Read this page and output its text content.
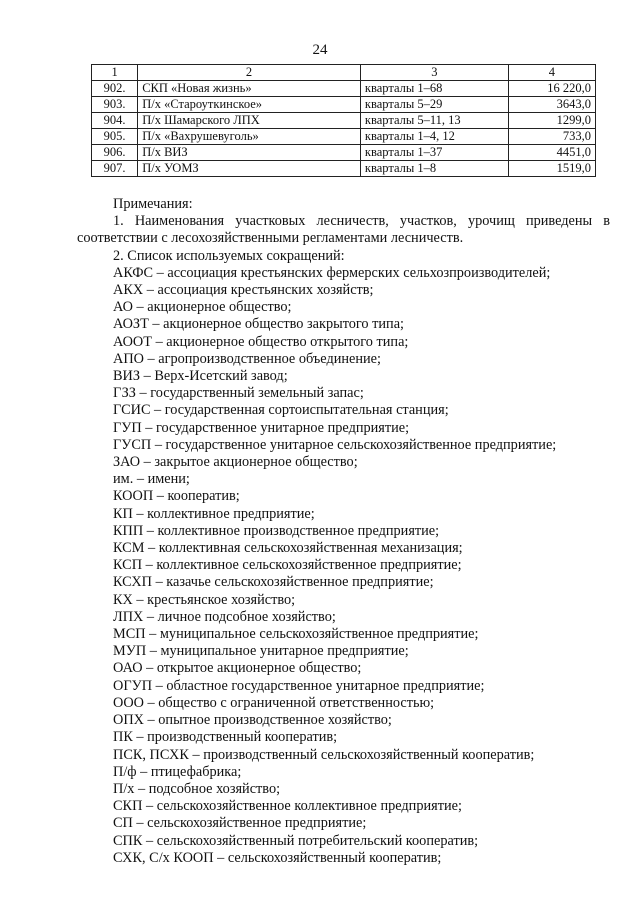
24
1	2	3	4
902.	СКП «Новая жизнь»	кварталы 1–68	16 220,0
903.	П/х «Староуткинское»	кварталы 5–29	3643,0
904.	П/х Шамарского ЛПХ	кварталы 5–11, 13	1299,0
905.	П/х «Вахрушевуголь»	кварталы 1–4, 12	733,0
906.	П/х ВИЗ	кварталы 1–37	4451,0
907.	П/х УОМЗ	кварталы 1–8	1519,0

Примечания:

1. Наименования участковых лесничеств, участков, урочищ приведены в соответствии с лесохозяйственными регламентами лесничеств.

2. Список используемых сокращений:

АКФС – ассоциация крестьянских фермерских сельхозпроизводителей;

АКХ – ассоциация крестьянских хозяйств;

АО – акционерное общество;

АОЗТ – акционерное общество закрытого типа;

АООТ – акционерное общество открытого типа;

АПО – агропроизводственное объединение;

ВИЗ – Верх-Исетский завод;

ГЗЗ – государственный земельный запас;

ГСИС – государственная сортоиспытательная станция;

ГУП – государственное унитарное предприятие;

ГУСП – государственное унитарное сельскохозяйственное предприятие;

ЗАО – закрытое акционерное общество;

им. – имени;

КООП – кооператив;

КП – коллективное предприятие;

КПП – коллективное производственное предприятие;

КСМ – коллективная сельскохозяйственная механизация;

КСП – коллективное сельскохозяйственное предприятие;

КСХП – казачье сельскохозяйственное предприятие;

КХ – крестьянское хозяйство;

ЛПХ – личное подсобное хозяйство;

МСП – муниципальное сельскохозяйственное предприятие;

МУП – муниципальное унитарное предприятие;

ОАО – открытое акционерное общество;

ОГУП – областное государственное унитарное предприятие;

ООО – общество с ограниченной ответственностью;

ОПХ – опытное производственное хозяйство;

ПК – производственный кооператив;

ПСК, ПСХК – производственный сельскохозяйственный кооператив;

П/ф – птицефабрика;

П/х – подсобное хозяйство;

СКП – сельскохозяйственное коллективное предприятие;

СП – сельскохозяйственное предприятие;

СПК – сельскохозяйственный потребительский кооператив;

СХК, С/х КООП – сельскохозяйственный кооператив;
